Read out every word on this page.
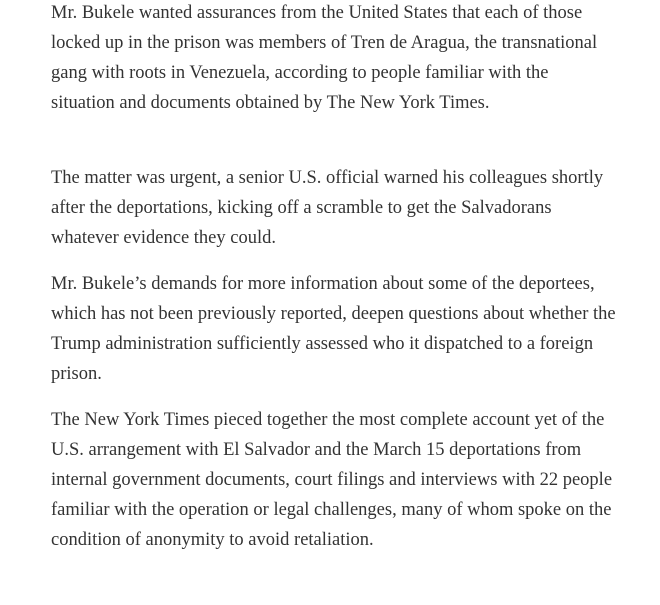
Mr. Bukele wanted assurances from the United States that each of those locked up in the prison was members of Tren de Aragua, the transnational gang with roots in Venezuela, according to people familiar with the situation and documents obtained by The New York Times.

The matter was urgent, a senior U.S. official warned his colleagues shortly after the deportations, kicking off a scramble to get the Salvadorans whatever evidence they could.

Mr. Bukele’s demands for more information about some of the deportees, which has not been previously reported, deepen questions about whether the Trump administration sufficiently assessed who it dispatched to a foreign prison.

The New York Times pieced together the most complete account yet of the U.S. arrangement with El Salvador and the March 15 deportations from internal government documents, court filings and interviews with 22 people familiar with the operation or legal challenges, many of whom spoke on the condition of anonymity to avoid retaliation.
